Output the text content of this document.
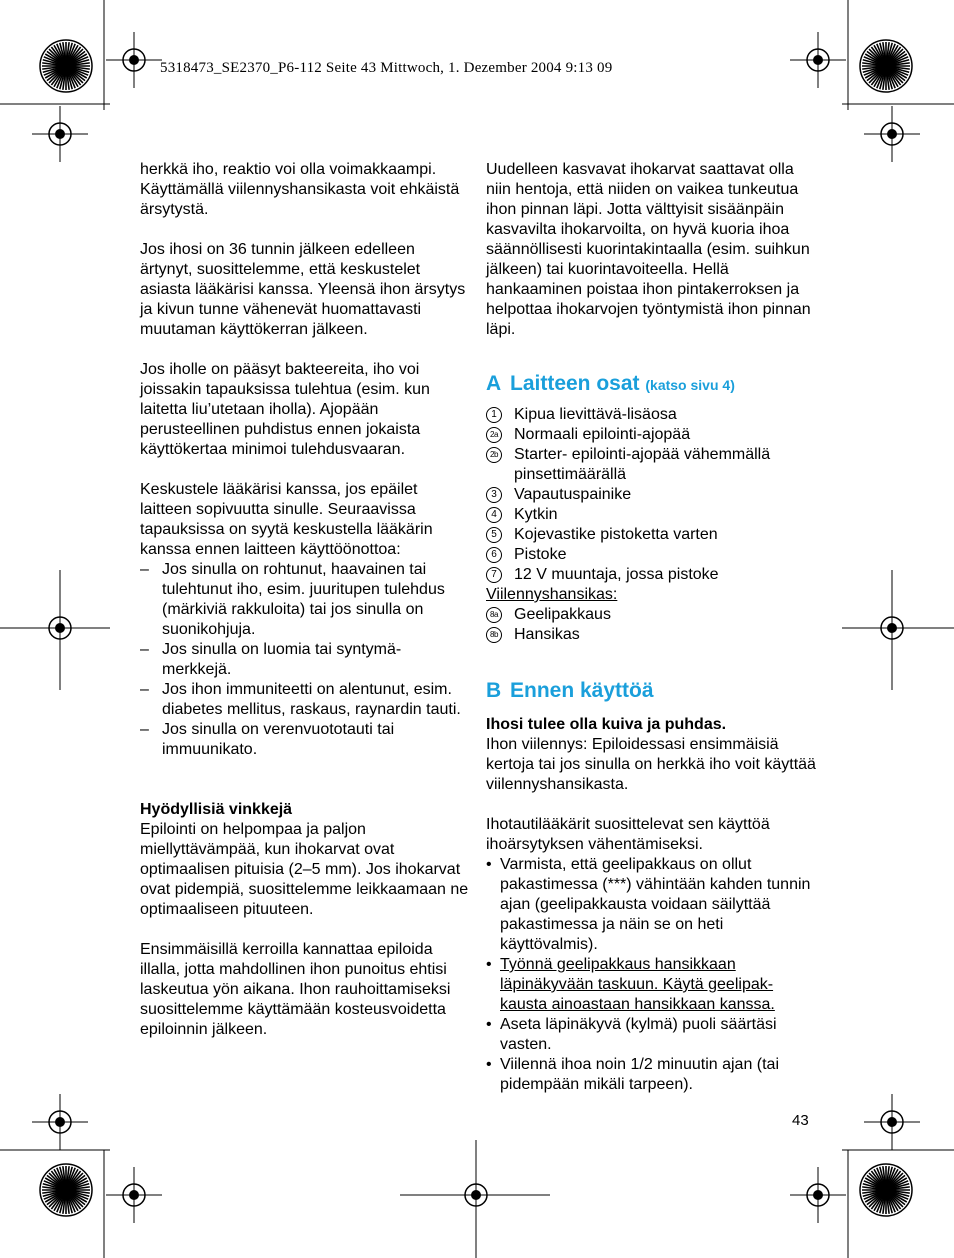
5318473_SE2370_P6-112 Seite 43 Mittwoch, 1. Dezember 2004 9:13 09

herkkä iho, reaktio voi olla voimakkaampi. Käyttämällä viilennyshansikasta voit ehkäistä ärsytystä.

Jos ihosi on 36 tunnin jälkeen edelleen ärtynyt, suosittelemme, että keskustelet asiasta lääkärisi kanssa. Yleensä ihon ärsytys ja kivun tunne vähenevät huomattavasti muutaman käyttökerran jälkeen.

Jos iholle on pääsyt bakteereita, iho voi joissakin tapauksissa tulehtua (esim. kun laitetta liu’utetaan iholla). Ajopään perusteellinen puhdistus ennen jokaista käyttökertaa minimoi tulehdusvaaran.

Keskustele lääkärisi kanssa, jos epäilet laitteen sopivuutta sinulle. Seuraavissa tapauksissa on syytä keskustella lääkärin kanssa ennen laitteen käyttöönottoa:

– Jos sinulla on rohtunut, haavainen tai tulehtunut iho, esim. juuritupen tulehdus (märkiviä rakkuloita) tai jos sinulla on suonikohjuja.
– Jos sinulla on luomia tai syntymä-merkkejä.
– Jos ihon immuniteetti on alentunut, esim. diabetes mellitus, raskaus, raynardin tauti.
– Jos sinulla on verenvuototauti tai immuunikato.
Hyödyllisiä vinkkejä

Epilointi on helpompaa ja paljon miellyttävämpää, kun ihokarvat ovat optimaalisen pituisia (2–5 mm). Jos ihokarvat ovat pidempiä, suosittelemme leikkaamaan ne optimaaliseen pituuteen.

Ensimmäisillä kerroilla kannattaa epiloida illalla, jotta mahdollinen ihon punoitus ehtisi laskeutua yön aikana. Ihon rauhoittamiseksi suosittelemme käyttämään kosteusvoidetta epiloinnin jälkeen.

Uudelleen kasvavat ihokarvat saattavat olla niin hentoja, että niiden on vaikea tunkeutua ihon pinnan läpi. Jotta välttyisit sisäänpäin kasvavilta ihokarvoilta, on hyvä kuoria ihoa säännöllisesti kuorintakintaalla (esim. suihkun jälkeen) tai kuorintavoiteella. Hellä hankaaminen poistaa ihon pintakerroksen ja helpottaa ihokarvojen työntymistä ihon pinnan läpi.

A Laitteen osat (katso sivu 4)
1	Kipua lievittävä-lisäosa
2a Normaali epilointi-ajopää
2b Starter- epilointi-ajopää vähemmällä pinsettimäärällä
3	Vapautuspainike
4	Kytkin
5	Kojevastike pistoketta varten
6	Pistoke
7	12 V muuntaja, jossa pistoke
Viilennyshansikas:
8a Geelipakkaus
8b Hansikas
B Ennen käyttöä
Ihosi tulee olla kuiva ja puhdas.

Ihon viilennys: Epiloidessasi ensimmäisiä kertoja tai jos sinulla on herkkä iho voit käyttää viilennyshansikasta.

Ihotautilääkärit suosittelevat sen käyttöä ihoärsytyksen vähentämiseksi.

• Varmista, että geelipakkaus on ollut pakastimessa (***) vähintään kahden tunnin ajan (geelipakkausta voidaan säilyttää pakastimessa ja näin se on heti käyttövalmis).
• Työnnä geelipakkaus hansikkaan läpinäkyvään taskuun. Käytä geelipak-kausta ainoastaan hansikkaan kanssa.
• Aseta läpinäkyvä (kylmä) puoli säärtäsi vasten.
• Viilennä ihoa noin 1/2 minuutin ajan (tai pidempään mikäli tarpeen).
43
